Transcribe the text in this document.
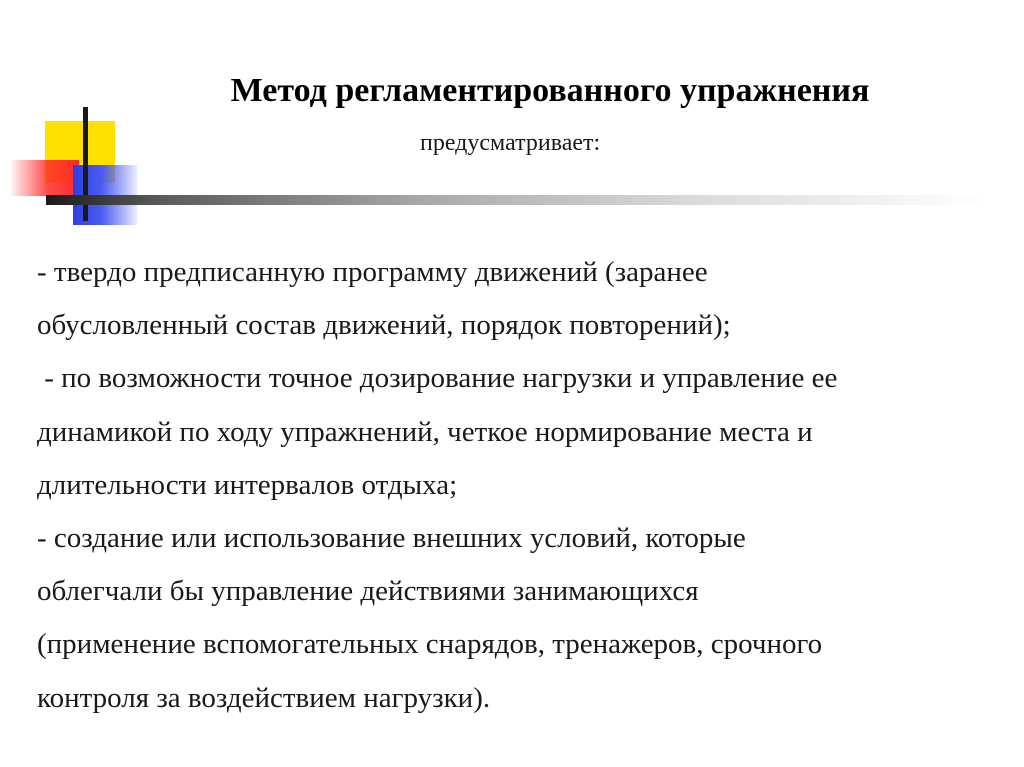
Метод регламентированного упражнения
предусматривает:
- твердо предписанную программу движений (заранее
обусловленный состав движений, порядок повторений);
- по возможности точное дозирование нагрузки и управление ее
динамикой по ходу упражнений, четкое нормирование места и
длительности интервалов отдыха;
- создание или использование внешних условий, которые
облегчали бы управление действиями занимающихся
(применение вспомогательных снарядов, тренажеров, срочного
контроля за воздействием нагрузки).
